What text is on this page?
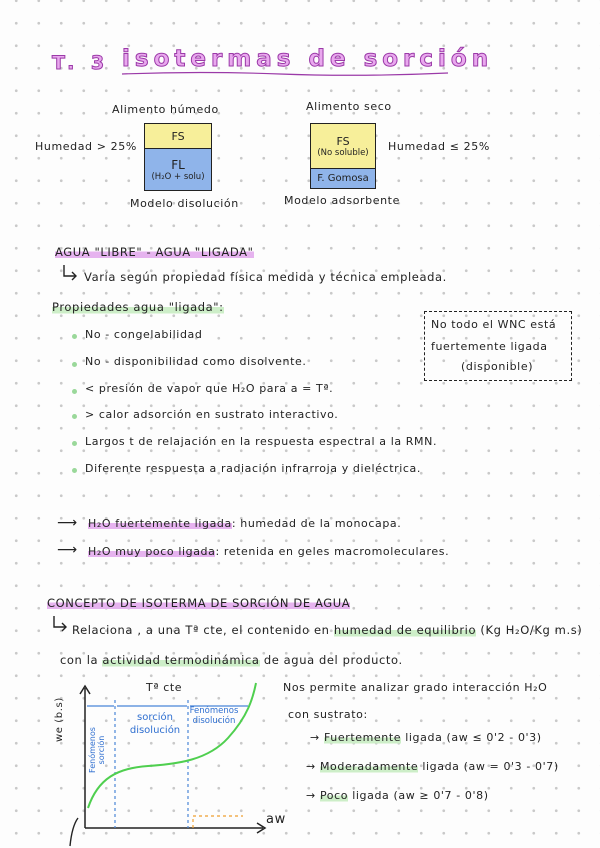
T. 3 isotermas de sorción
Alimento húmedo
Humedad > 25%
FS
FL
(H₂O + solu)
Modelo disolución
Alimento seco
FS
(No soluble)
F. Gomosa
Humedad ≤ 25%
Modelo adsorbente
AGUA "LIBRE" - AGUA "LIGADA"
Varía según propiedad física medida y técnica empleada.
Propiedades agua "ligada":
No - congelabilidad
No - disponibilidad como disolvente.
< presión de vapor que H₂O para a = Tª.
> calor adsorción en sustrato interactivo.
Largos t de relajación en la respuesta espectral a la RMN.
Diferente respuesta a radiación infrarroja y dieléctrica.
No todo el WNC está
fuertemente ligada
(disponible)
⟶ H₂O fuertemente ligada: humedad de la monocapa.
⟶ H₂O muy poco ligada: retenida en geles macromoleculares.
CONCEPTO DE ISOTERMA DE SORCIÓN DE AGUA
Relaciona , a una Tª cte, el contenido en humedad de equilibrio (Kg H₂O/Kg m.s)
con la actividad termodinámica de agua del producto.
Tª cte
we (b.s)
aw
Fenómenos sorción
sorción disolución
Fenómenos disolución
Nos permite analizar grado interacción H₂O
con sustrato:
→ Fuertemente ligada (aw ≤ 0'2 - 0'3)
→ Moderadamente ligada (aw = 0'3 - 0'7)
→ Poco ligada (aw ≥ 0'7 - 0'8)
